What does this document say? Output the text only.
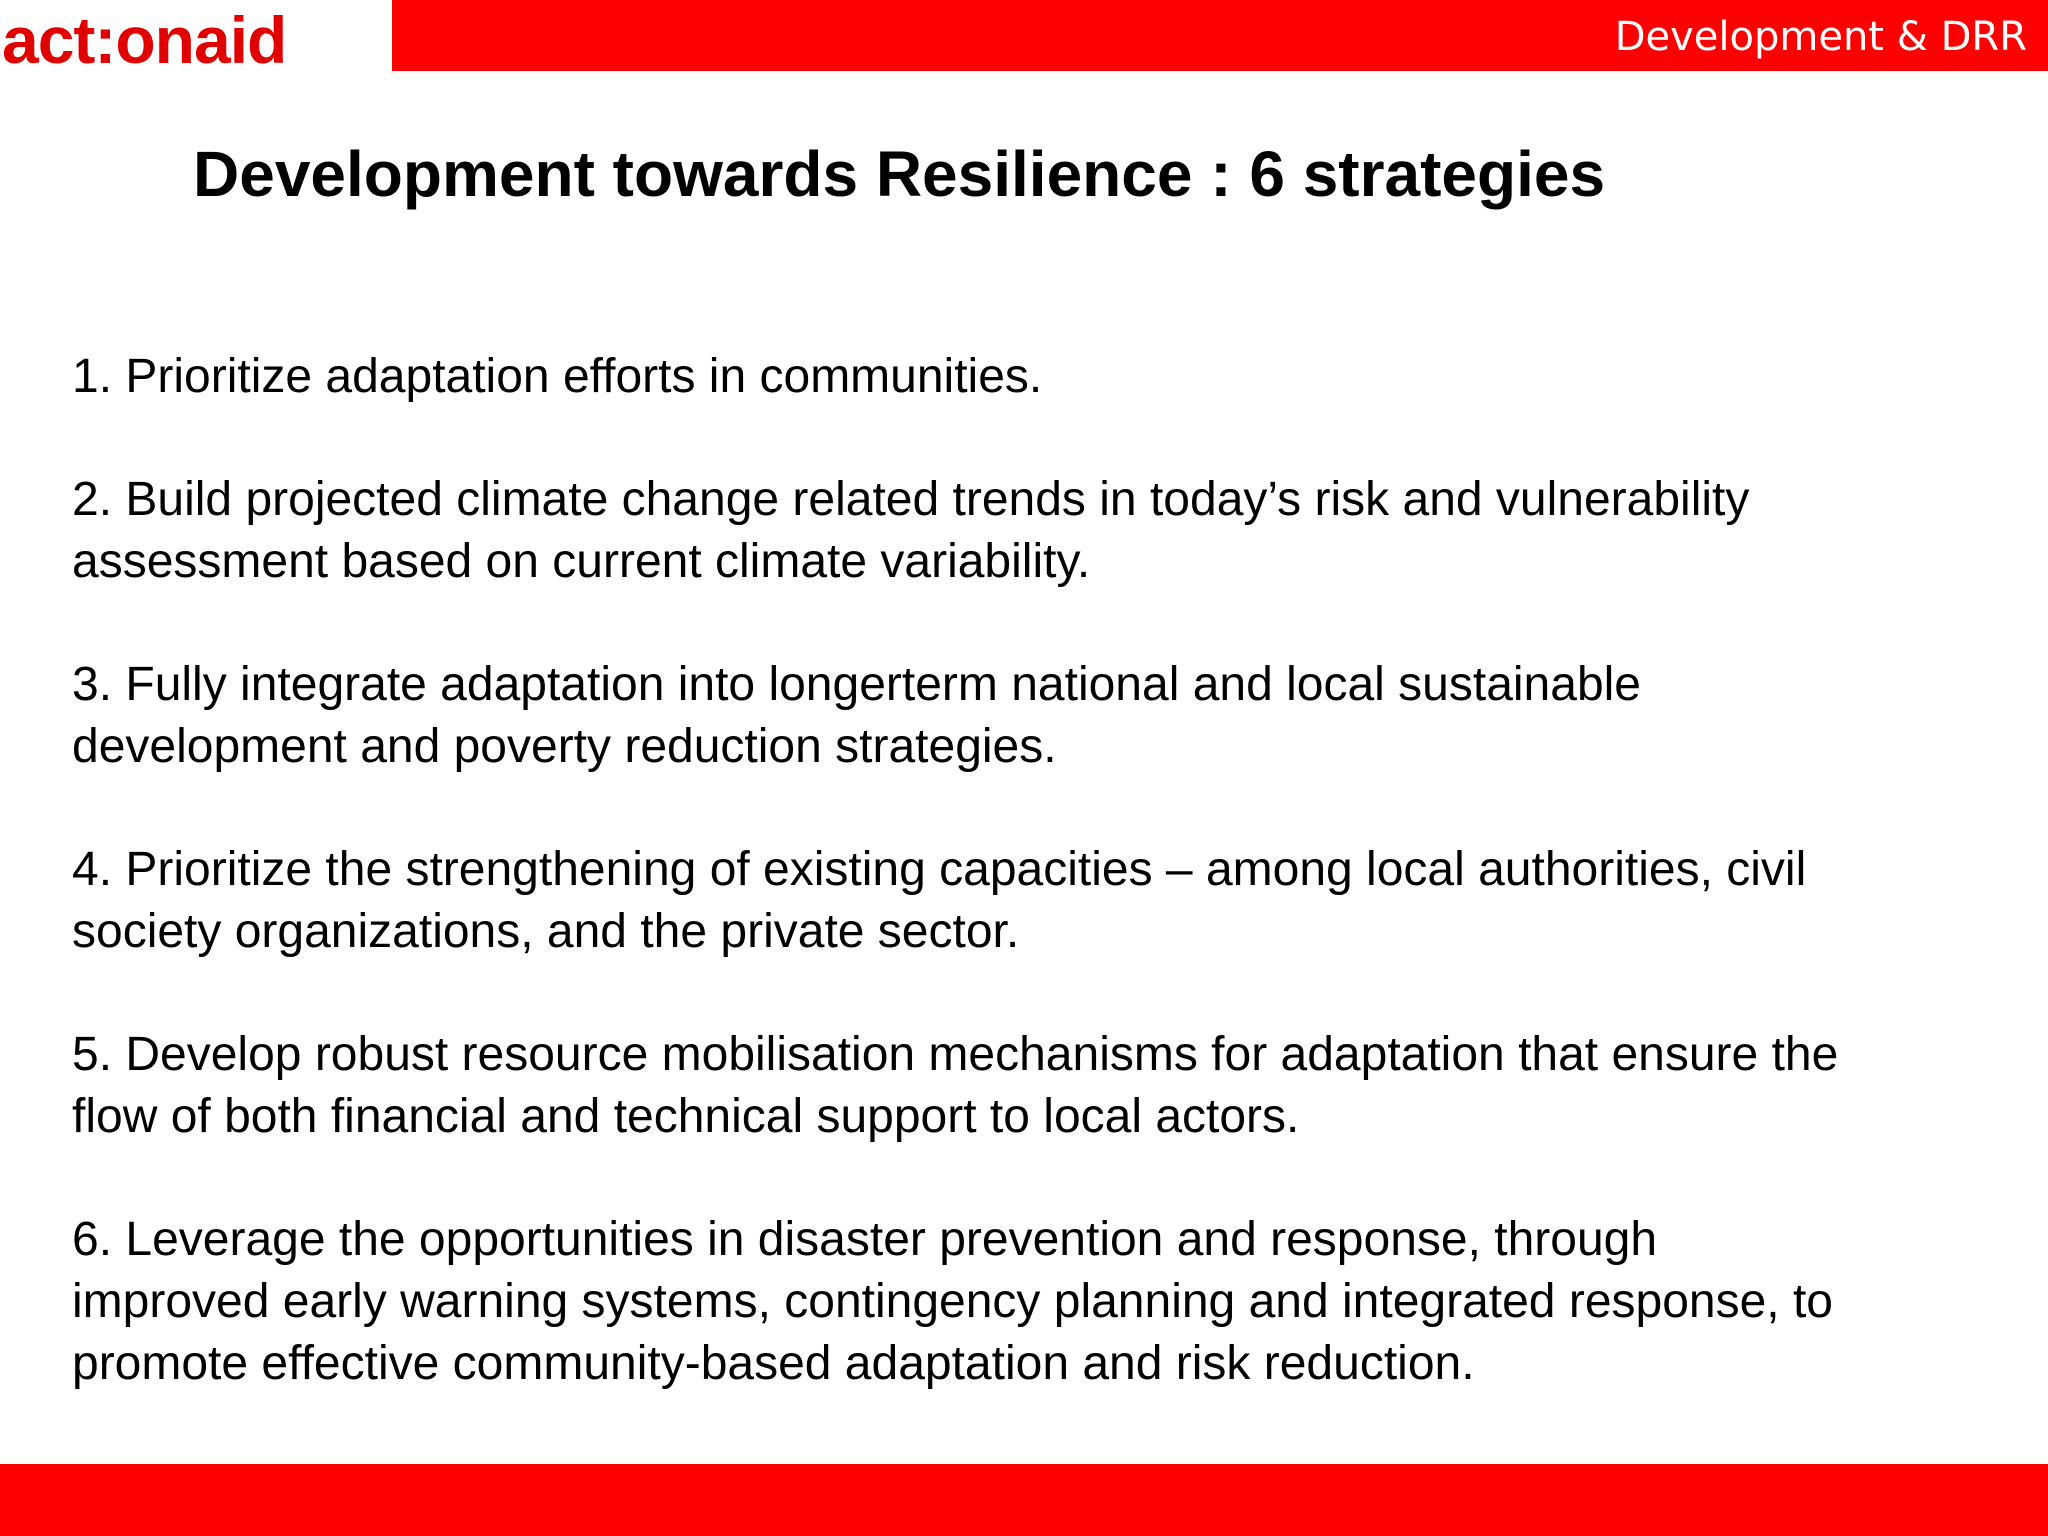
act:onaid	Development & DRR
Development towards Resilience : 6 strategies
1. Prioritize adaptation efforts in communities.
2. Build projected climate change related trends in today’s risk and vulnerability
assessment based on current climate variability.
3. Fully integrate adaptation into longerterm national and local sustainable
development and poverty reduction strategies.
4. Prioritize the strengthening of existing capacities – among local authorities, civil
society organizations, and the private sector.
5. Develop robust resource mobilisation mechanisms for adaptation that ensure the
flow of both financial and technical support to local actors.
6. Leverage the opportunities in disaster prevention and response, through
improved early warning systems, contingency planning and integrated response, to
promote effective community-based adaptation and risk reduction.
